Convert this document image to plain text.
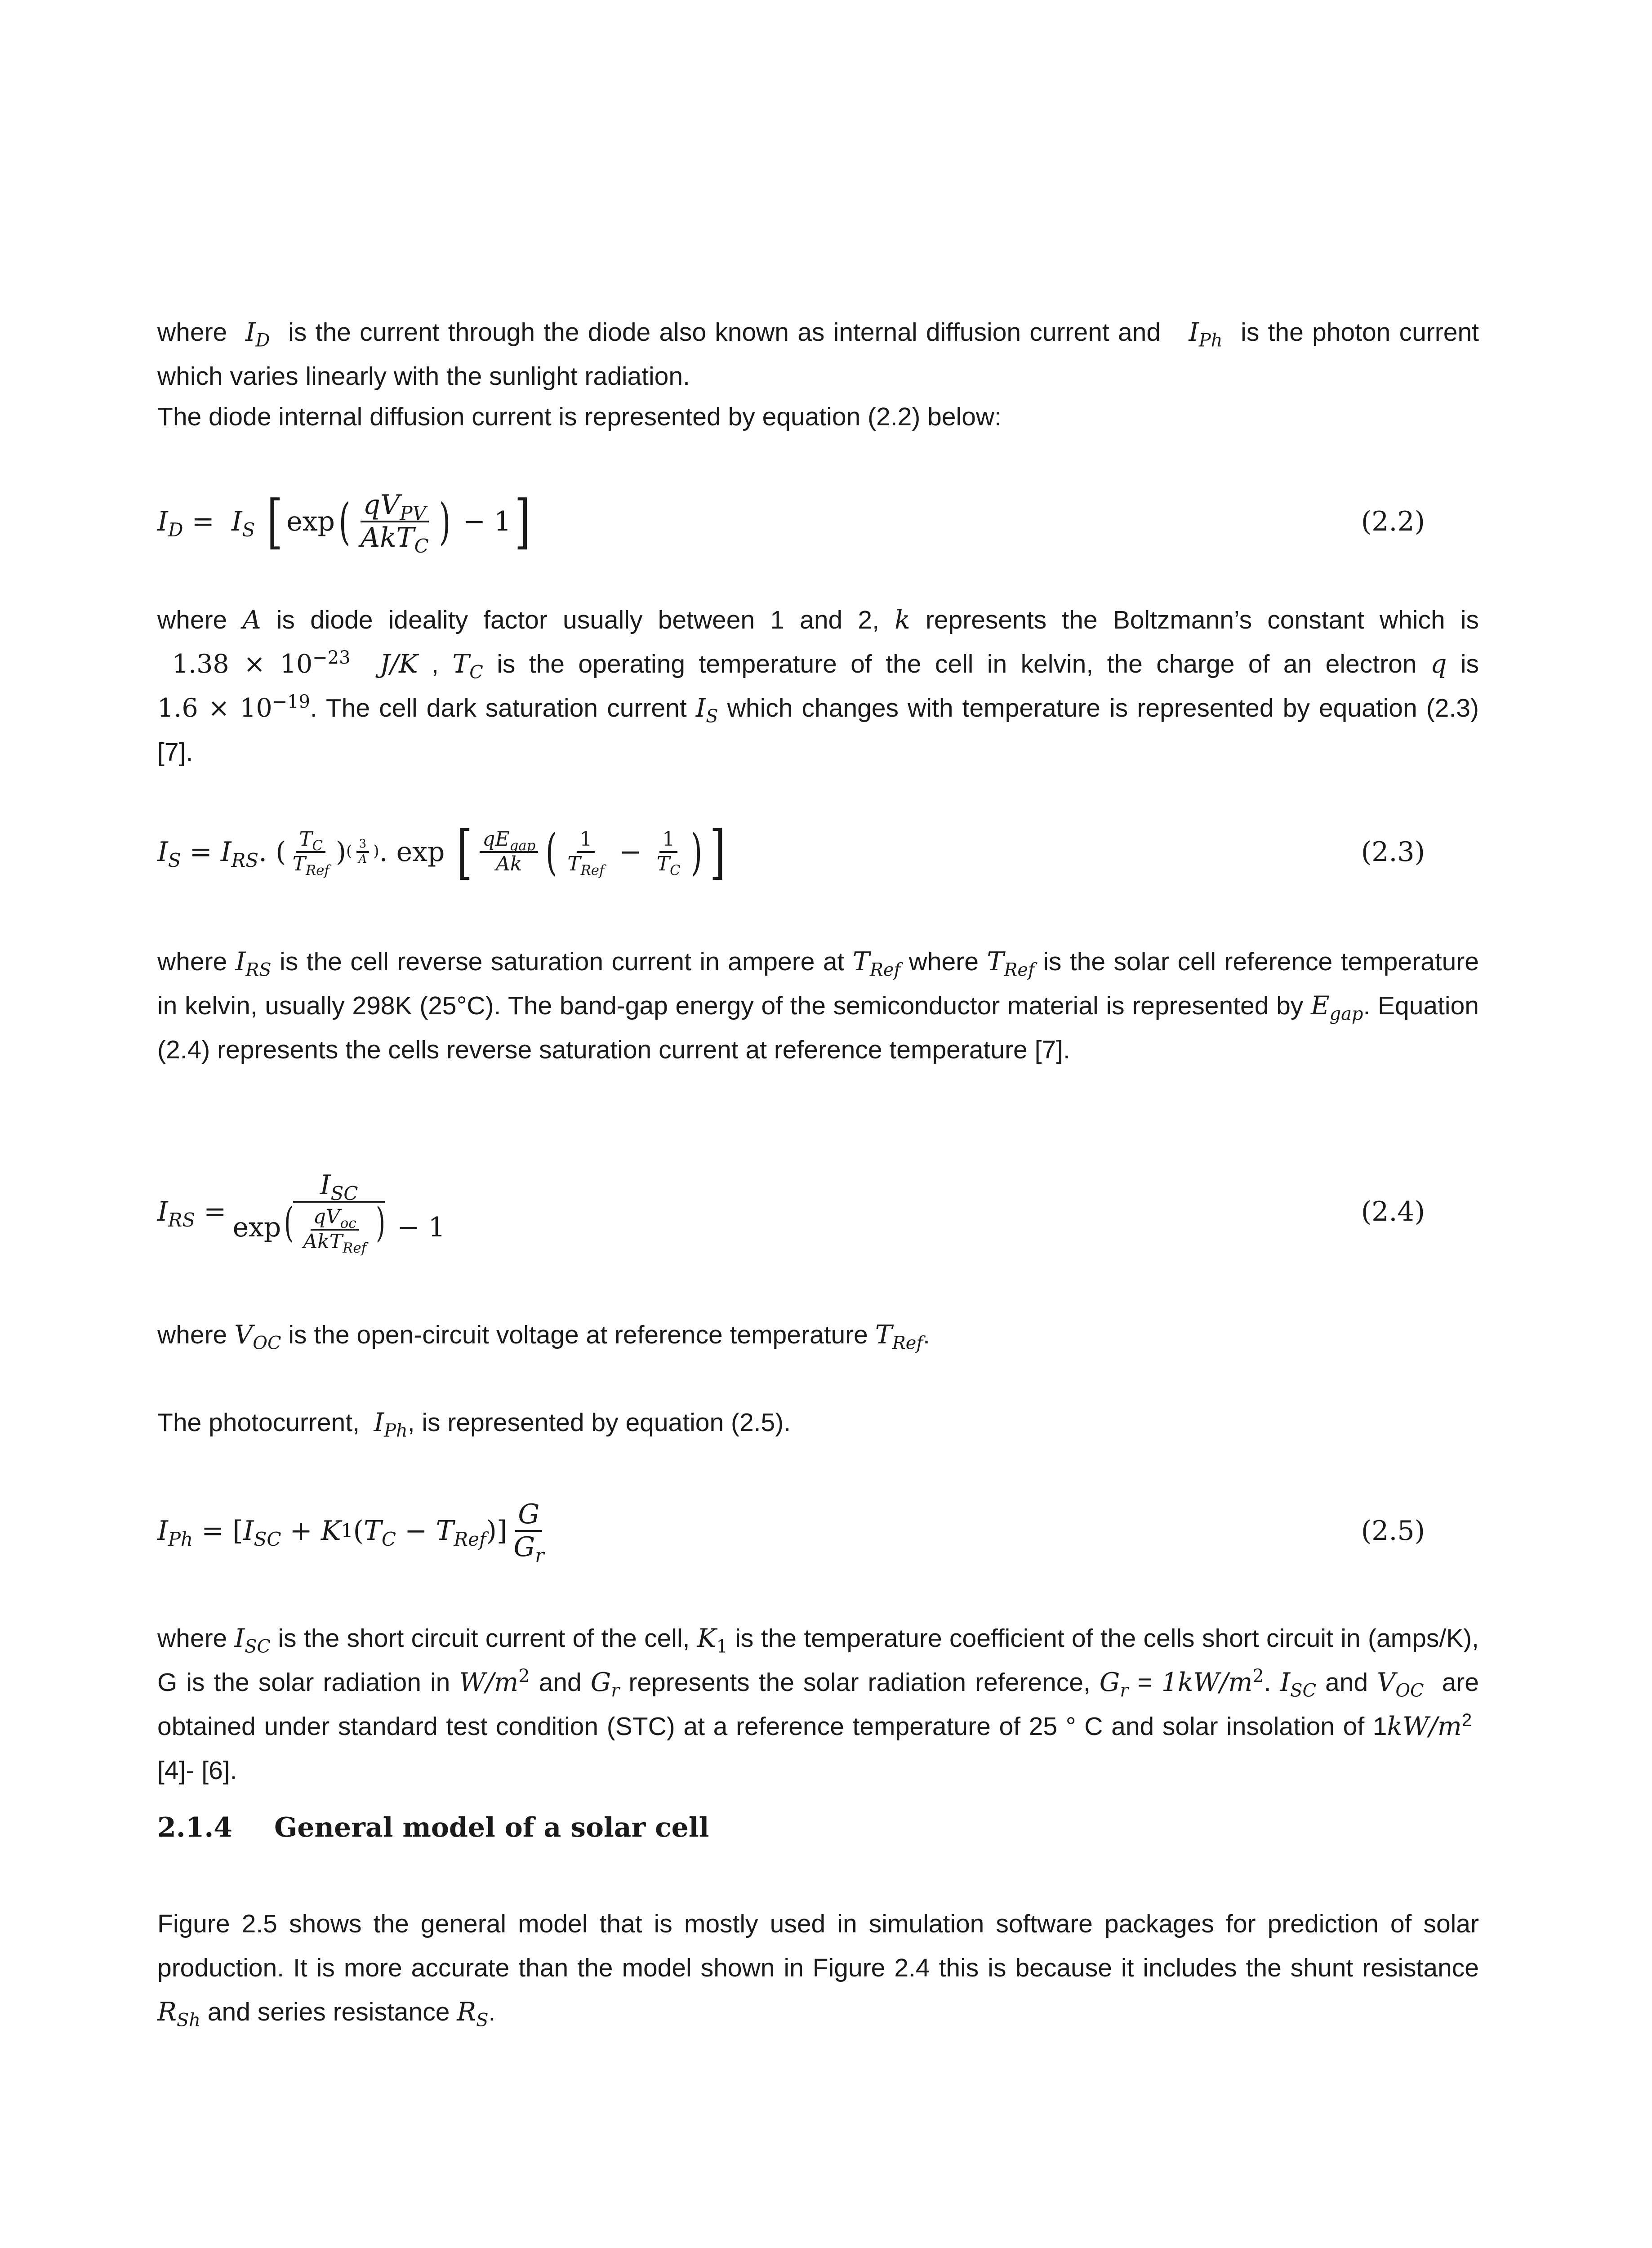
where  $I_D$ is the current through the diode also known as internal diffusion current and   $I_{Ph}$ is the photon current which varies linearly with the sunlight radiation.
The diode internal diffusion current is represented by equation (2.2) below:
$I_D = I_S$
[ exp ( $\frac{qV_{PV}}{AkT_C}$ ) − 1 ]	(2.2)
where A is diode ideality factor usually between 1 and 2, k represents the Boltzmann’s constant which is  $1.38 \times 10^{-23}$ J/K , $T_C$ is the operating temperature of the cell in kelvin, the charge of an electron q is $1.6 \times 10^{-19}$. The cell dark saturation current $I_S$ which changes with temperature is represented by equation (2.3) [7].
$I_S = I_{RS}$ . ( $\frac{T_C}{T_{Ref}}$ ) ( $\frac{3}{A}$ ) . exp [ $\frac{qE_{gap}}{Ak}$ ( $\frac{1}{T_{Ref}} - \frac{1}{T_C}$ ) ]	(2.3)
where $I_{RS}$ is the cell reverse saturation current in ampere at $T_{Ref}$ where $T_{Ref}$ is the solar cell reference temperature in kelvin, usually 298K (25°C). The band-gap energy of the semiconductor material is represented by $E_{gap}$. Equation (2.4) represents the cells reverse saturation current at reference temperature [7].
$I_{RS} = \frac{I_{SC}}{\exp( \frac{qV_{oc}}{AkT_{Ref}} ) - 1}$	(2.4)
where $V_{OC}$ is the open-circuit voltage at reference temperature $T_{Ref}$.
The photocurrent, $I_{Ph}$, is represented by equation (2.5).
$I_{Ph}$ = [ $I_{SC} + K$ 1 ( $T_C - T_{Ref}$ )] $\frac{G}{G_r}$	(2.5)
where $I_{SC}$ is the short circuit current of the cell, $K_1$ is the temperature coefficient of the cells short circuit in (amps/K), G is the solar radiation in $W/m^2$ and $G_r$ represents the solar radiation reference, $G_r = 1kW/m^2$. $I_{SC}$ and $V_{OC}$ are obtained under standard test condition (STC) at a reference temperature of 25 ° C and solar insolation of $1kW/m^2$  [4]- [6].
2.1.4 General model of a solar cell
Figure 2.5 shows the general model that is mostly used in simulation software packages for prediction of solar production. It is more accurate than the model shown in Figure 2.4 this is because it includes the shunt resistance $R_{Sh}$ and series resistance $R_S$.
